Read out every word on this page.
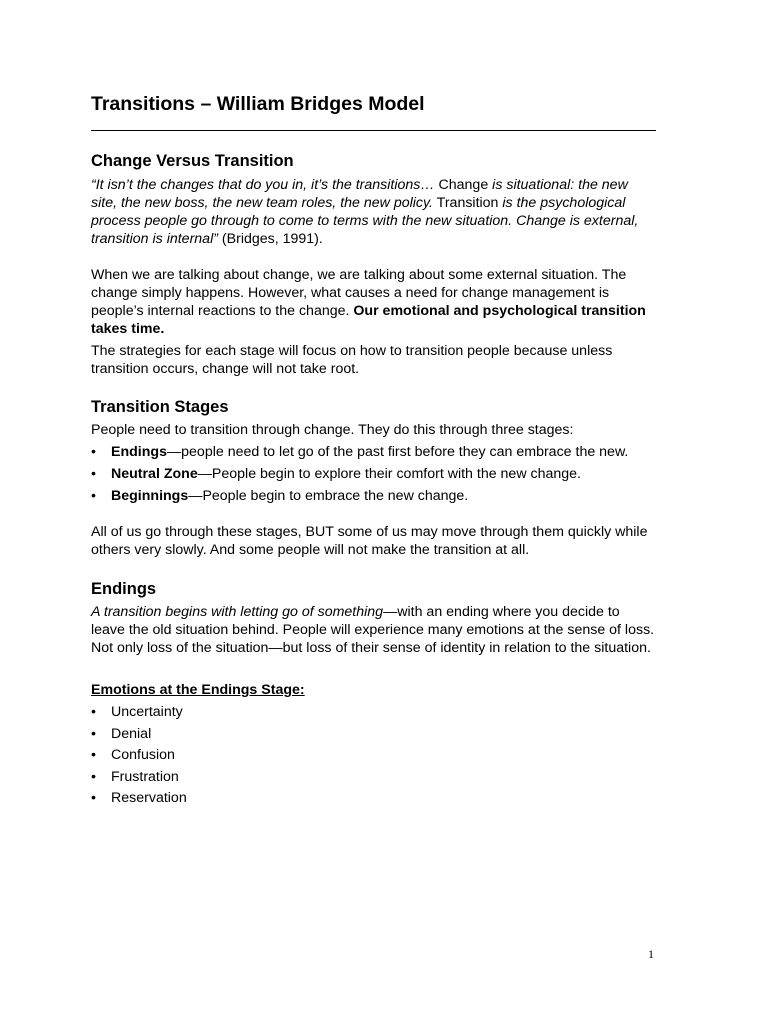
Transitions – William Bridges Model
Change Versus Transition

“It isn’t the changes that do you in, it’s the transitions… Change is situational: the new site, the new boss, the new team roles, the new policy. Transition is the psychological process people go through to come to terms with the new situation. Change is external, transition is internal” (Bridges, 1991).

When we are talking about change, we are talking about some external situation. The change simply happens. However, what causes a need for change management is people’s internal reactions to the change. Our emotional and psychological transition takes time.

The strategies for each stage will focus on how to transition people because unless transition occurs, change will not take root.

Transition Stages

People need to transition through change. They do this through three stages:

• Endings—people need to let go of the past first before they can embrace the new.
• Neutral Zone—People begin to explore their comfort with the new change.
• Beginnings—People begin to embrace the new change.

All of us go through these stages, BUT some of us may move through them quickly while others very slowly. And some people will not make the transition at all.

Endings

A transition begins with letting go of something—with an ending where you decide to leave the old situation behind. People will experience many emotions at the sense of loss. Not only loss of the situation—but loss of their sense of identity in relation to the situation.

Emotions at the Endings Stage:

• Uncertainty
• Denial
• Confusion
• Frustration
• Reservation
1
